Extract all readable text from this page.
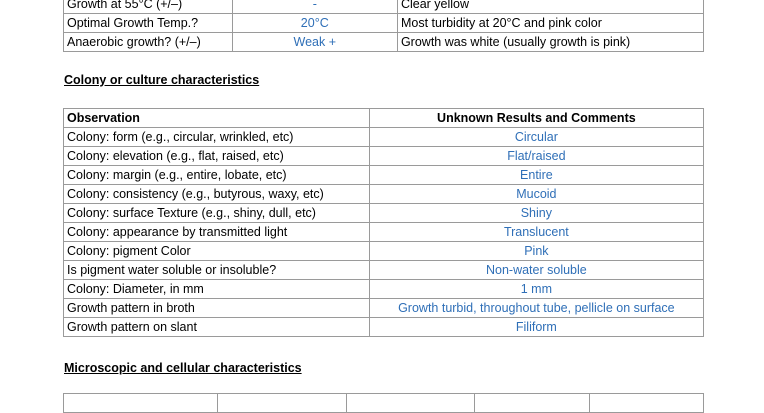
Growth at 55°C (+/–)	-	Clear yellow
Optimal Growth Temp.?	20°C	Most turbidity at 20°C and pink color
Anaerobic growth? (+/–)	Weak +	Growth was white (usually growth is pink)
Colony or culture characteristics
Observation	Unknown Results and Comments
Colony: form (e.g., circular, wrinkled, etc)	Circular
Colony: elevation (e.g., flat, raised, etc)	Flat/raised
Colony: margin (e.g., entire, lobate, etc)	Entire
Colony: consistency (e.g., butyrous, waxy, etc)	Mucoid
Colony: surface Texture (e.g., shiny, dull, etc)	Shiny
Colony: appearance by transmitted light	Translucent
Colony: pigment Color	Pink
Is pigment water soluble or insoluble?	Non-water soluble
Colony: Diameter, in mm	1 mm
Growth pattern in broth	Growth turbid, throughout tube, pellicle on surface
Growth pattern on slant	Filiform
Microscopic and cellular characteristics
